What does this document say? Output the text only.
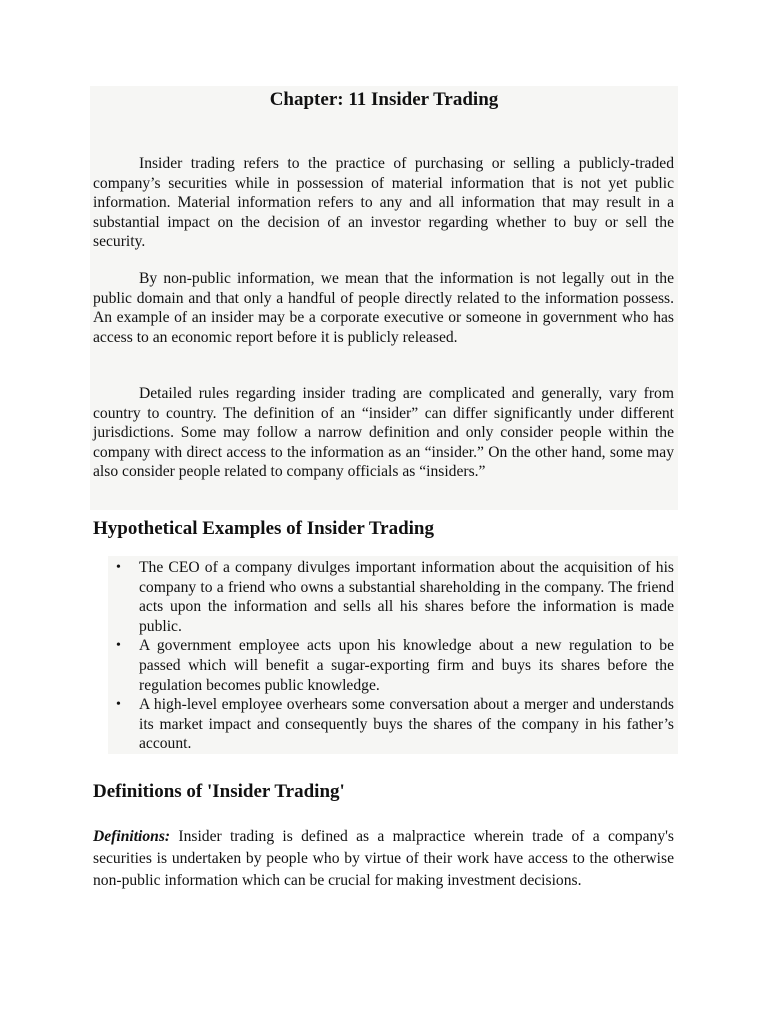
Chapter: 11 Insider Trading

Insider trading refers to the practice of purchasing or selling a publicly-traded company’s securities while in possession of material information that is not yet public information. Material information refers to any and all information that may result in a substantial impact on the decision of an investor regarding whether to buy or sell the security.

By non-public information, we mean that the information is not legally out in the public domain and that only a handful of people directly related to the information possess. An example of an insider may be a corporate executive or someone in government who has access to an economic report before it is publicly released.

Detailed rules regarding insider trading are complicated and generally, vary from country to country. The definition of an “insider” can differ significantly under different jurisdictions. Some may follow a narrow definition and only consider people within the company with direct access to the information as an “insider.” On the other hand, some may also consider people related to company officials as “insiders.”

Hypothetical Examples of Insider Trading
• The CEO of a company divulges important information about the acquisition of his company to a friend who owns a substantial shareholding in the company. The friend acts upon the information and sells all his shares before the information is made public.
• A government employee acts upon his knowledge about a new regulation to be passed which will benefit a sugar-exporting firm and buys its shares before the regulation becomes public knowledge.
• A high-level employee overhears some conversation about a merger and understands its market impact and consequently buys the shares of the company in his father’s account.
Definitions of 'Insider Trading'

Definitions: Insider trading is defined as a malpractice wherein trade of a company's securities is undertaken by people who by virtue of their work have access to the otherwise non-public information which can be crucial for making investment decisions.
